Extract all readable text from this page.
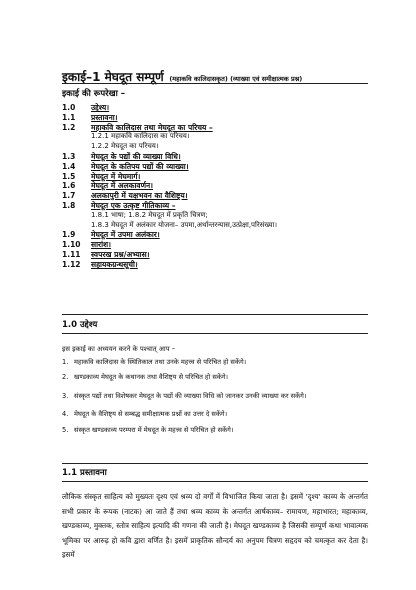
इकाई–1 मेघदूत सम्पूर्ण (महाकवि कालिदासकृत) (व्याख्या एवं समीक्षात्मक प्रश्न)
इकाई की रूपरेखा –
1.0	उद्देश्य।
1.1	प्रस्तावना।
1.2	महाकवि कालिदास तथा मेघदूत का परिचय –
1.2.1 महाकवि कालिदास का परिचय।
1.2.2 मेघदूत का परिचय।
1.3	मेघदूत के पद्यों की व्याख्या विधि।
1.4	मेघदूत के कतिपय पद्यों की व्याख्या।
1.5	मेघदूत में मेघमार्ग।
1.6	मेघदूत में अलकावर्णन।
1.7	अलकापुरी में यक्षभवन का वैशिष्ट्य।
1.8	मेघदूत एक उत्कृष्ट गीतिकाव्य –
1.8.1 भाषा; 1.8.2 मेघदूत में प्रकृति चित्रण;
1.8.3 मेघदूत में अलंकार योजना– उपमा,अर्थान्तरन्यास,उत्प्रेक्षा,परिसंख्या।
1.9	मेघदूत में उपमा अलंकार।
1.10	सारांश।
1.11	स्वपरख प्रश्न/अभ्यास।
1.12	सहायकग्रन्थसूची।
1.0 उद्देश्य
इस इकाई का अध्ययन करने के पश्चात् आप –
1. महाकवि कालिदास के स्थितिकाल तथा उनके महत्त्व से परिचित हो सकेंगे।
2. खण्डकाव्य मेघदूत के कथानक तथा वैशिष्ट्य से परिचित हो सकेंगे।
3. संस्कृत पद्यों तथा विशेषकर मेघदूत के पद्यों की व्याख्या विधि को जानकर उनकी व्याख्या कर सकेंगे।
4. मेघदूत के वैशिष्ट्य से सम्बद्ध समीक्षात्मक प्रश्नों का उत्तर दे सकेंगे।
5. संस्कृत खण्डकाव्य परम्परा में मेघदूत के महत्त्व से परिचित हो सकेंगे।
1.1 प्रस्तावना
लौकिक संस्कृत साहित्य को मुख्यतः दृश्य एवं श्रव्य दो वर्गों में विभाजित किया जाता है। इसमें 'दृश्य' काव्य के अन्तर्गत सभी प्रकार के रूपक (नाटक) आ जाते हैं तथा श्रव्य काव्य के अन्तर्गत आर्षकाव्य– रामायण, महाभारत; महाकाव्य, खण्डकाव्य, मुक्तक, स्तोत्र साहित्य इत्यादि की गणना की जाती है। मेघदूत खण्डकाव्य है जिसकी सम्पूर्ण कथा भावात्मक भूमिका पर आरुढ़ हो कवि द्वारा वर्णित है। इसमें प्राकृतिक सौन्दर्य का अनुपम चित्रण सहृदय को चमत्कृत कर देता है। इसमें
